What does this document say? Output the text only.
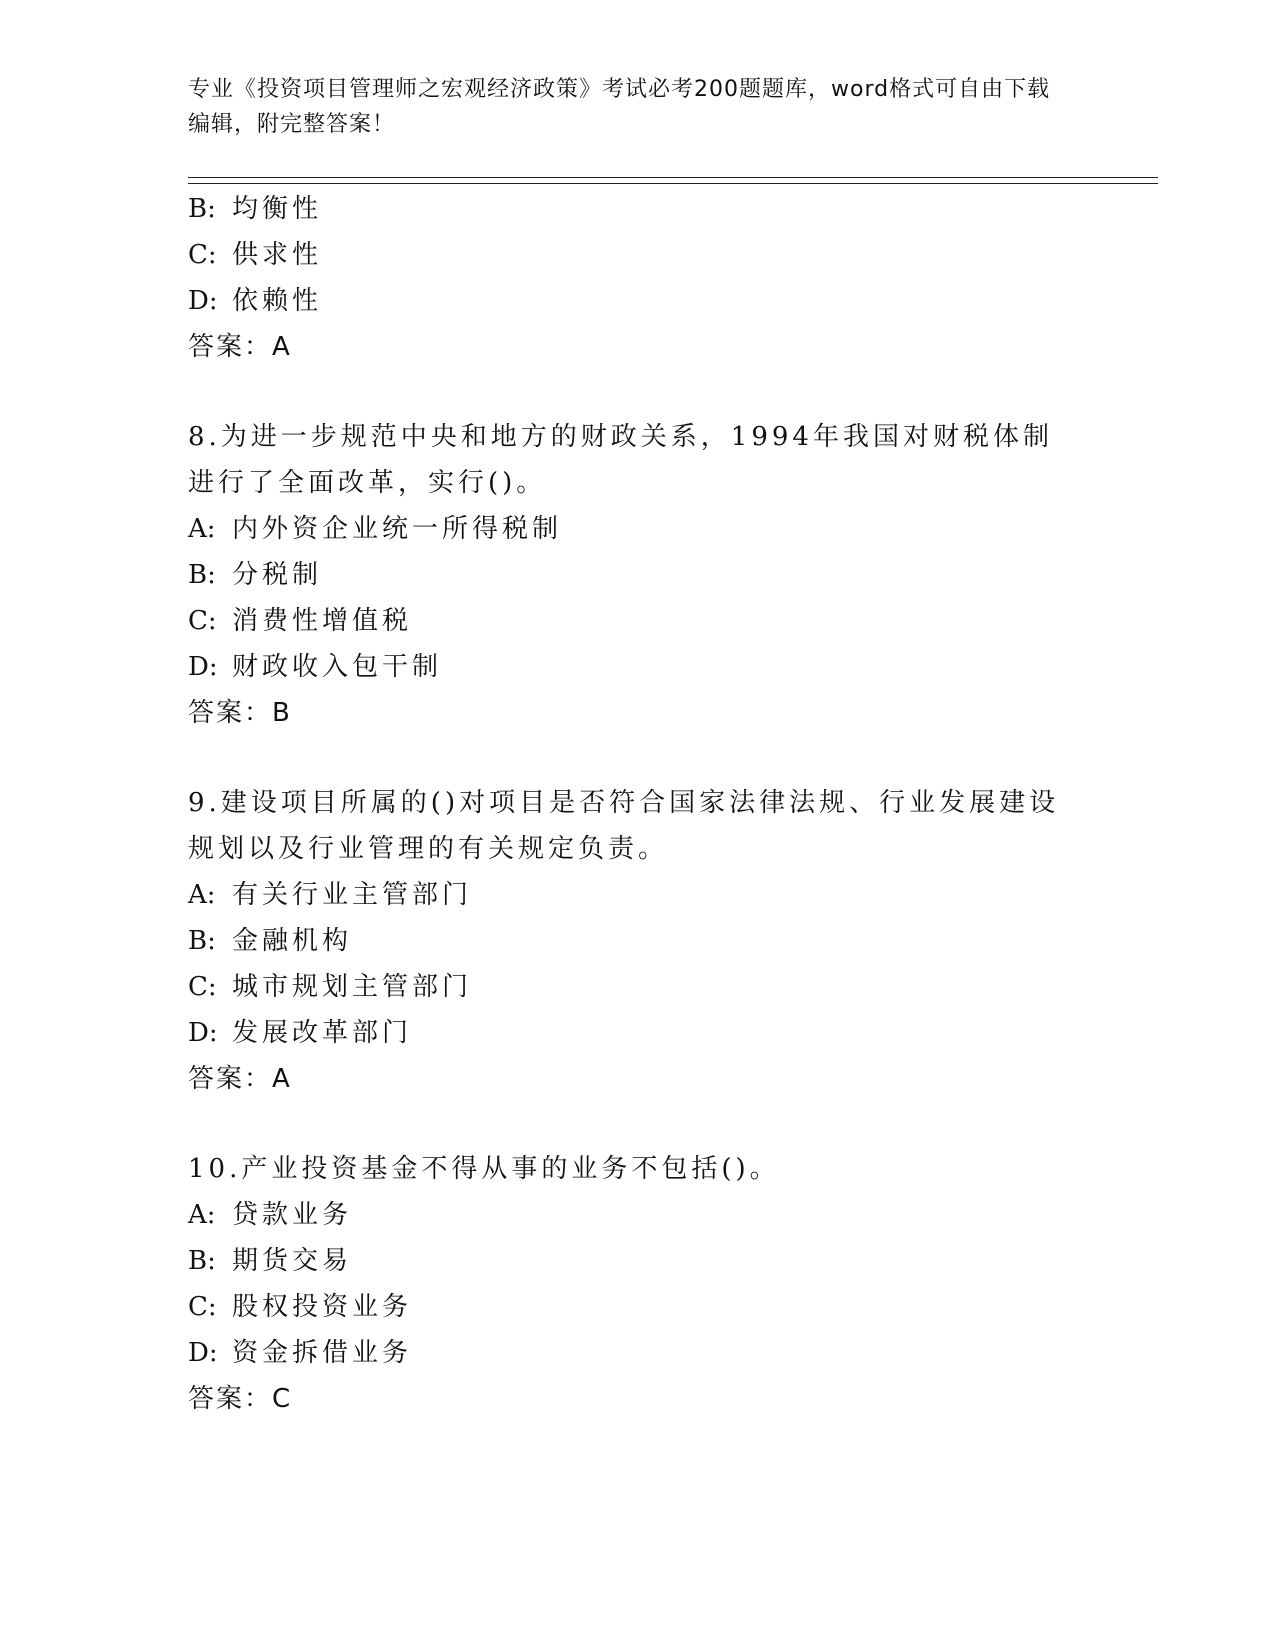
专业《投资项目管理师之宏观经济政策》考试必考200题题库，word格式可自由下载编辑，附完整答案！

B: 均衡性

C: 供求性

D: 依赖性

答案：A

8.为进一步规范中央和地方的财政关系，1994年我国对财税体制进行了全面改革，实行()。

A: 内外资企业统一所得税制

B: 分税制

C: 消费性增值税

D: 财政收入包干制

答案：B

9.建设项目所属的()对项目是否符合国家法律法规、行业发展建设规划以及行业管理的有关规定负责。

A: 有关行业主管部门

B: 金融机构

C: 城市规划主管部门

D: 发展改革部门

答案：A

10.产业投资基金不得从事的业务不包括()。

A: 贷款业务

B: 期货交易

C: 股权投资业务

D: 资金拆借业务

答案：C
